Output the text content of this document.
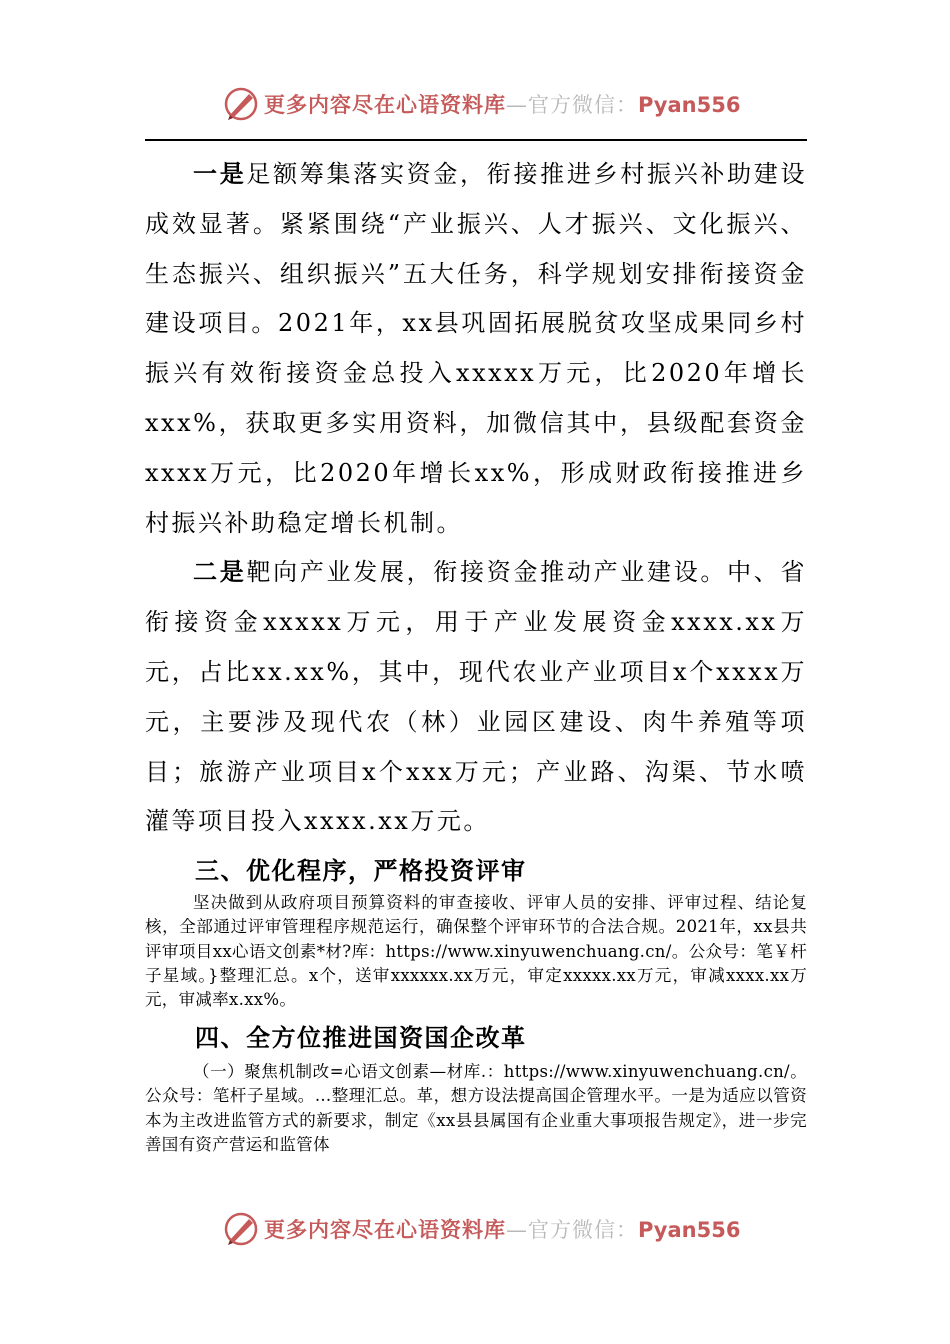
更多内容尽在心语资料库—官方微信：Pyan556

一是足额筹集落实资金，衔接推进乡村振兴补助建设成效显著。紧紧围绕“产业振兴、人才振兴、文化振兴、生态振兴、组织振兴”五大任务，科学规划安排衔接资金建设项目。2021年，xx县巩固拓展脱贫攻坚成果同乡村振兴有效衔接资金总投入xxxxx万元，比2020年增长xxx%，获取更多实用资料，加微信其中，县级配套资金xxxx万元，比2020年增长xx%，形成财政衔接推进乡村振兴补助稳定增长机制。

二是靶向产业发展，衔接资金推动产业建设。中、省衔接资金xxxxx万元，用于产业发展资金xxxx.xx万元，占比xx.xx%，其中，现代农业产业项目x个xxxx万元，主要涉及现代农（林）业园区建设、肉牛养殖等项目；旅游产业项目x个xxx万元；产业路、沟渠、节水喷灌等项目投入xxxx.xx万元。

三、优化程序，严格投资评审

坚决做到从政府项目预算资料的审查接收、评审人员的安排、评审过程、结论复核，全部通过评审管理程序规范运行，确保整个评审环节的合法合规。2021年，xx县共评审项目xx心语文创素*材?库：https://www.xinyuwenchuang.cn/。公众号：笔￥杆子星域。}整理汇总。x个，送审xxxxxx.xx万元，审定xxxxx.xx万元，审减xxxx.xx万元，审减率x.xx%。

四、全方位推进国资国企改革

（一）聚焦机制改=心语文创素—材库.：https://www.xinyuwenchuang.cn/。公众号：笔杆子星域。…整理汇总。革，想方设法提高国企管理水平。一是为适应以管资本为主改进监管方式的新要求，制定《xx县县属国有企业重大事项报告规定》，进一步完善国有资产营运和监管体

更多内容尽在心语资料库—官方微信：Pyan556
